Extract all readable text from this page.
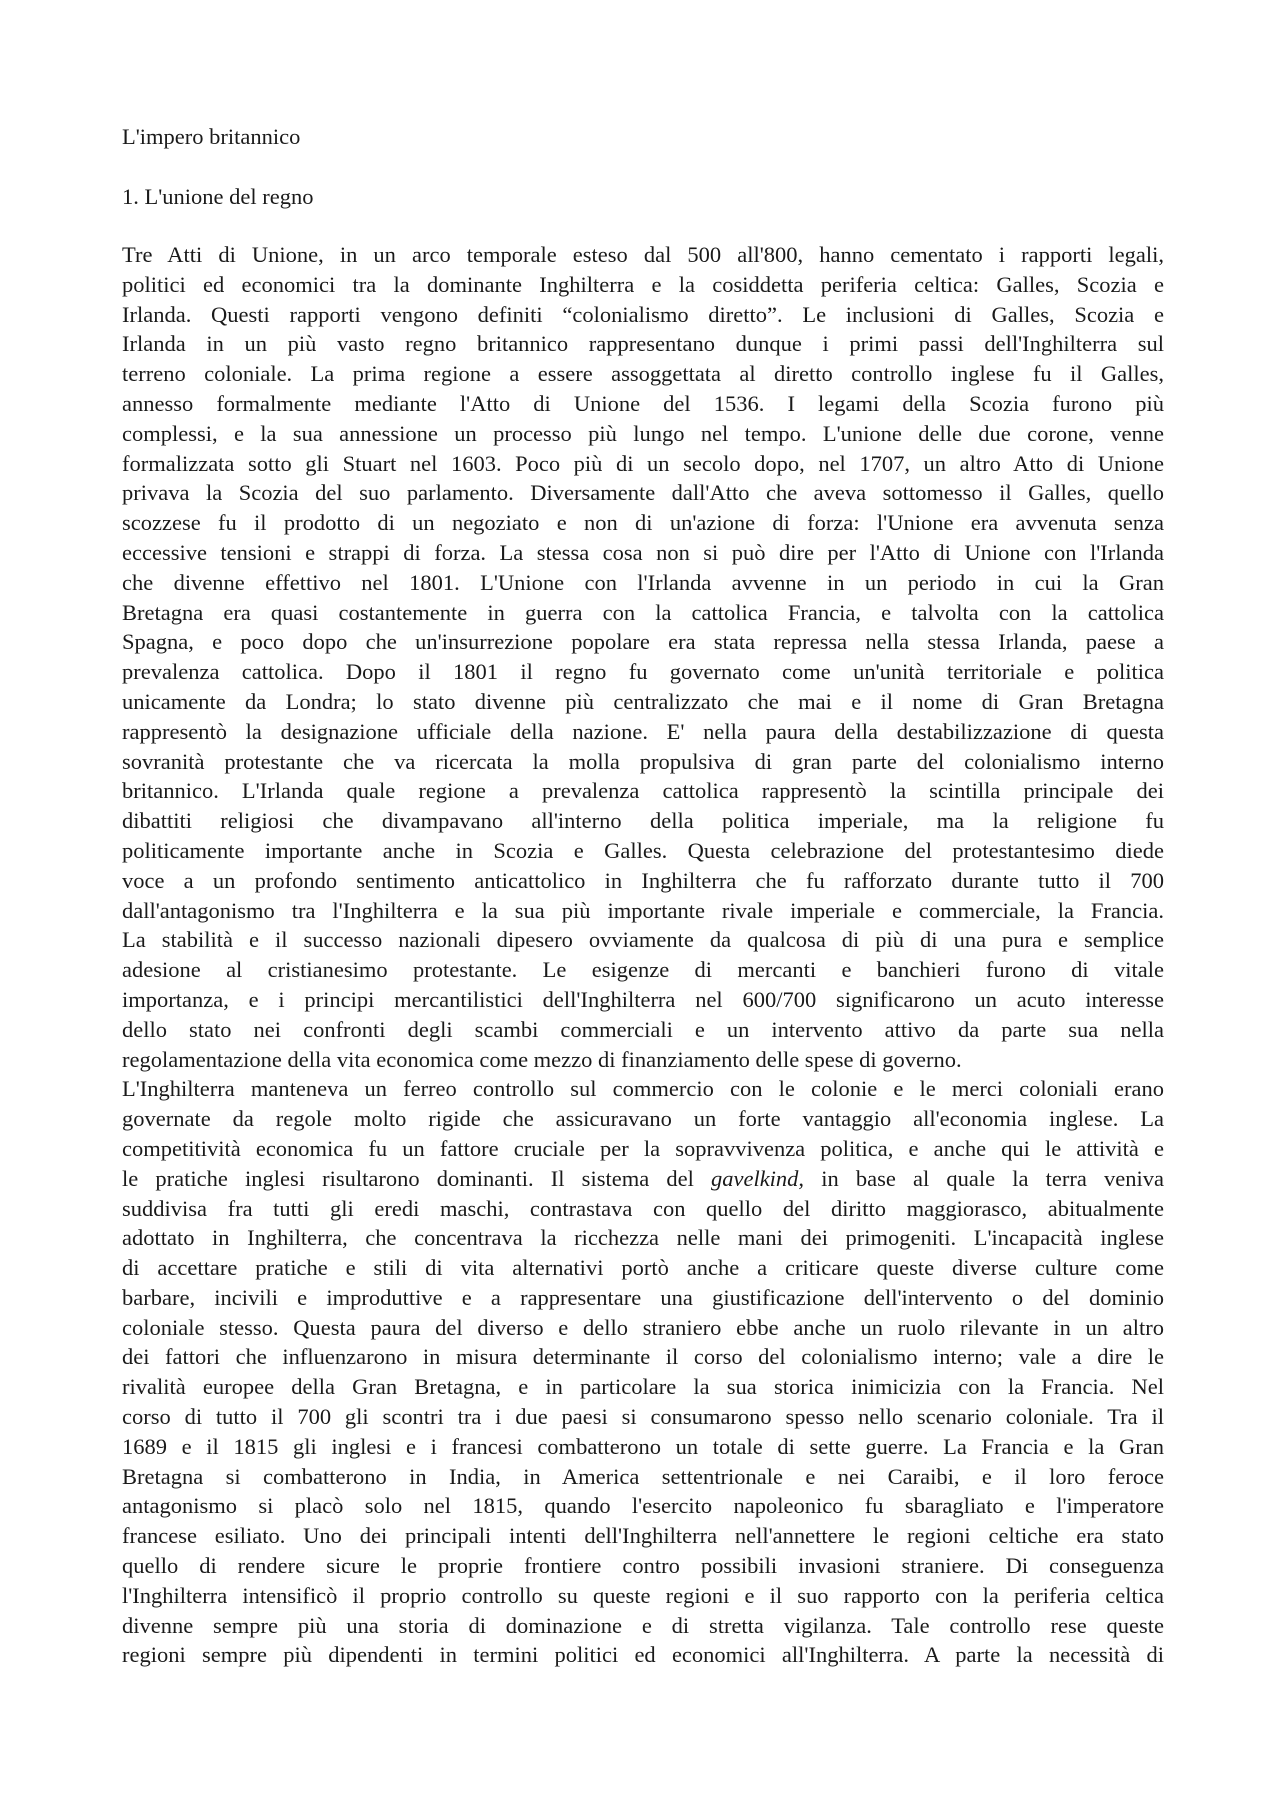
L'impero britannico
1. L'unione del regno
Tre Atti di Unione, in un arco temporale esteso dal 500 all'800, hanno cementato i rapporti legali,
politici ed economici tra la dominante Inghilterra e la cosiddetta periferia celtica: Galles, Scozia e
Irlanda. Questi rapporti vengono definiti “colonialismo diretto”. Le inclusioni di Galles, Scozia e
Irlanda in un più vasto regno britannico rappresentano dunque i primi passi dell'Inghilterra sul
terreno coloniale. La prima regione a essere assoggettata al diretto controllo inglese fu il Galles,
annesso formalmente mediante l'Atto di Unione del 1536. I legami della Scozia furono più
complessi, e la sua annessione un processo più lungo nel tempo. L'unione delle due corone, venne
formalizzata sotto gli Stuart nel 1603. Poco più di un secolo dopo, nel 1707, un altro Atto di Unione
privava la Scozia del suo parlamento. Diversamente dall'Atto che aveva sottomesso il Galles, quello
scozzese fu il prodotto di un negoziato e non di un'azione di forza: l'Unione era avvenuta senza
eccessive tensioni e strappi di forza. La stessa cosa non si può dire per l'Atto di Unione con l'Irlanda
che divenne effettivo nel 1801. L'Unione con l'Irlanda avvenne in un periodo in cui la Gran
Bretagna era quasi costantemente in guerra con la cattolica Francia, e talvolta con la cattolica
Spagna, e poco dopo che un'insurrezione popolare era stata repressa nella stessa Irlanda, paese a
prevalenza cattolica. Dopo il 1801 il regno fu governato come un'unità territoriale e politica
unicamente da Londra; lo stato divenne più centralizzato che mai e il nome di Gran Bretagna
rappresentò la designazione ufficiale della nazione. E' nella paura della destabilizzazione di questa
sovranità protestante che va ricercata la molla propulsiva di gran parte del colonialismo interno
britannico. L'Irlanda quale regione a prevalenza cattolica rappresentò la scintilla principale dei
dibattiti religiosi che divampavano all'interno della politica imperiale, ma la religione fu
politicamente importante anche in Scozia e Galles. Questa celebrazione del protestantesimo diede
voce a un profondo sentimento anticattolico in Inghilterra che fu rafforzato durante tutto il 700
dall'antagonismo tra l'Inghilterra e la sua più importante rivale imperiale e commerciale, la Francia.
La stabilità e il successo nazionali dipesero ovviamente da qualcosa di più di una pura e semplice
adesione al cristianesimo protestante. Le esigenze di mercanti e banchieri furono di vitale
importanza, e i principi mercantilistici dell'Inghilterra nel 600/700 significarono un acuto interesse
dello stato nei confronti degli scambi commerciali e un intervento attivo da parte sua nella
regolamentazione della vita economica come mezzo di finanziamento delle spese di governo.
L'Inghilterra manteneva un ferreo controllo sul commercio con le colonie e le merci coloniali erano
governate da regole molto rigide che assicuravano un forte vantaggio all'economia inglese. La
competitività economica fu un fattore cruciale per la sopravvivenza politica, e anche qui le attività e
le pratiche inglesi risultarono dominanti. Il sistema del gavelkind, in base al quale la terra veniva
suddivisa fra tutti gli eredi maschi, contrastava con quello del diritto maggiorasco, abitualmente
adottato in Inghilterra, che concentrava la ricchezza nelle mani dei primogeniti. L'incapacità inglese
di accettare pratiche e stili di vita alternativi portò anche a criticare queste diverse culture come
barbare, incivili e improduttive e a rappresentare una giustificazione dell'intervento o del dominio
coloniale stesso. Questa paura del diverso e dello straniero ebbe anche un ruolo rilevante in un altro
dei fattori che influenzarono in misura determinante il corso del colonialismo interno; vale a dire le
rivalità europee della Gran Bretagna, e in particolare la sua storica inimicizia con la Francia. Nel
corso di tutto il 700 gli scontri tra i due paesi si consumarono spesso nello scenario coloniale. Tra il
1689 e il 1815 gli inglesi e i francesi combatterono un totale di sette guerre. La Francia e la Gran
Bretagna si combatterono in India, in America settentrionale e nei Caraibi, e il loro feroce
antagonismo si placò solo nel 1815, quando l'esercito napoleonico fu sbaragliato e l'imperatore
francese esiliato. Uno dei principali intenti dell'Inghilterra nell'annettere le regioni celtiche era stato
quello di rendere sicure le proprie frontiere contro possibili invasioni straniere. Di conseguenza
l'Inghilterra intensificò il proprio controllo su queste regioni e il suo rapporto con la periferia celtica
divenne sempre più una storia di dominazione e di stretta vigilanza. Tale controllo rese queste
regioni sempre più dipendenti in termini politici ed economici all'Inghilterra. A parte la necessità di
